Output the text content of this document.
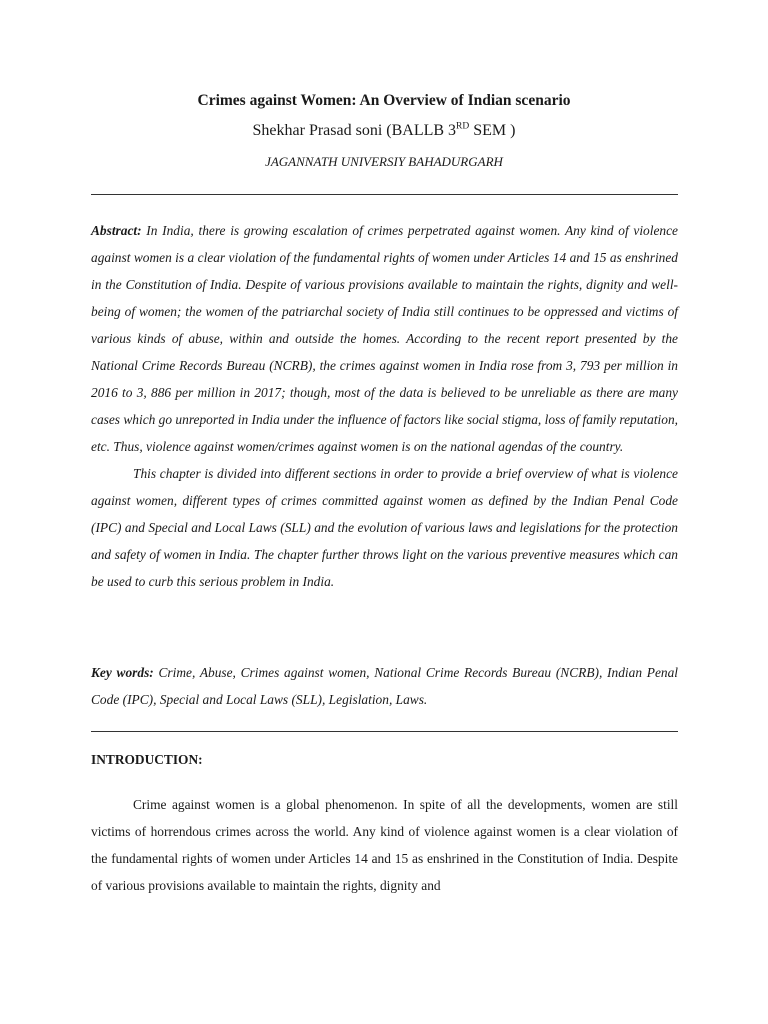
Crimes against Women: An Overview of Indian scenario
Shekhar Prasad soni (BALLB 3RD SEM )
JAGANNATH UNIVERSIY BAHADURGARH

Abstract: In India, there is growing escalation of crimes perpetrated against women. Any kind of violence against women is a clear violation of the fundamental rights of women under Articles 14 and 15 as enshrined in the Constitution of India. Despite of various provisions available to maintain the rights, dignity and well-being of women; the women of the patriarchal society of India still continues to be oppressed and victims of various kinds of abuse, within and outside the homes. According to the recent report presented by the National Crime Records Bureau (NCRB), the crimes against women in India rose from 3, 793 per million in 2016 to 3, 886 per million in 2017; though, most of the data is believed to be unreliable as there are many cases which go unreported in India under the influence of factors like social stigma, loss of family reputation, etc. Thus, violence against women/crimes against women is on the national agendas of the country.

This chapter is divided into different sections in order to provide a brief overview of what is violence against women, different types of crimes committed against women as defined by the Indian Penal Code (IPC) and Special and Local Laws (SLL) and the evolution of various laws and legislations for the protection and safety of women in India. The chapter further throws light on the various preventive measures which can be used to curb this serious problem in India.

Key words: Crime, Abuse, Crimes against women, National Crime Records Bureau (NCRB), Indian Penal Code (IPC), Special and Local Laws (SLL), Legislation, Laws.

INTRODUCTION:

Crime against women is a global phenomenon. In spite of all the developments, women are still victims of horrendous crimes across the world. Any kind of violence against women is a clear violation of the fundamental rights of women under Articles 14 and 15 as enshrined in the Constitution of India. Despite of various provisions available to maintain the rights, dignity and
